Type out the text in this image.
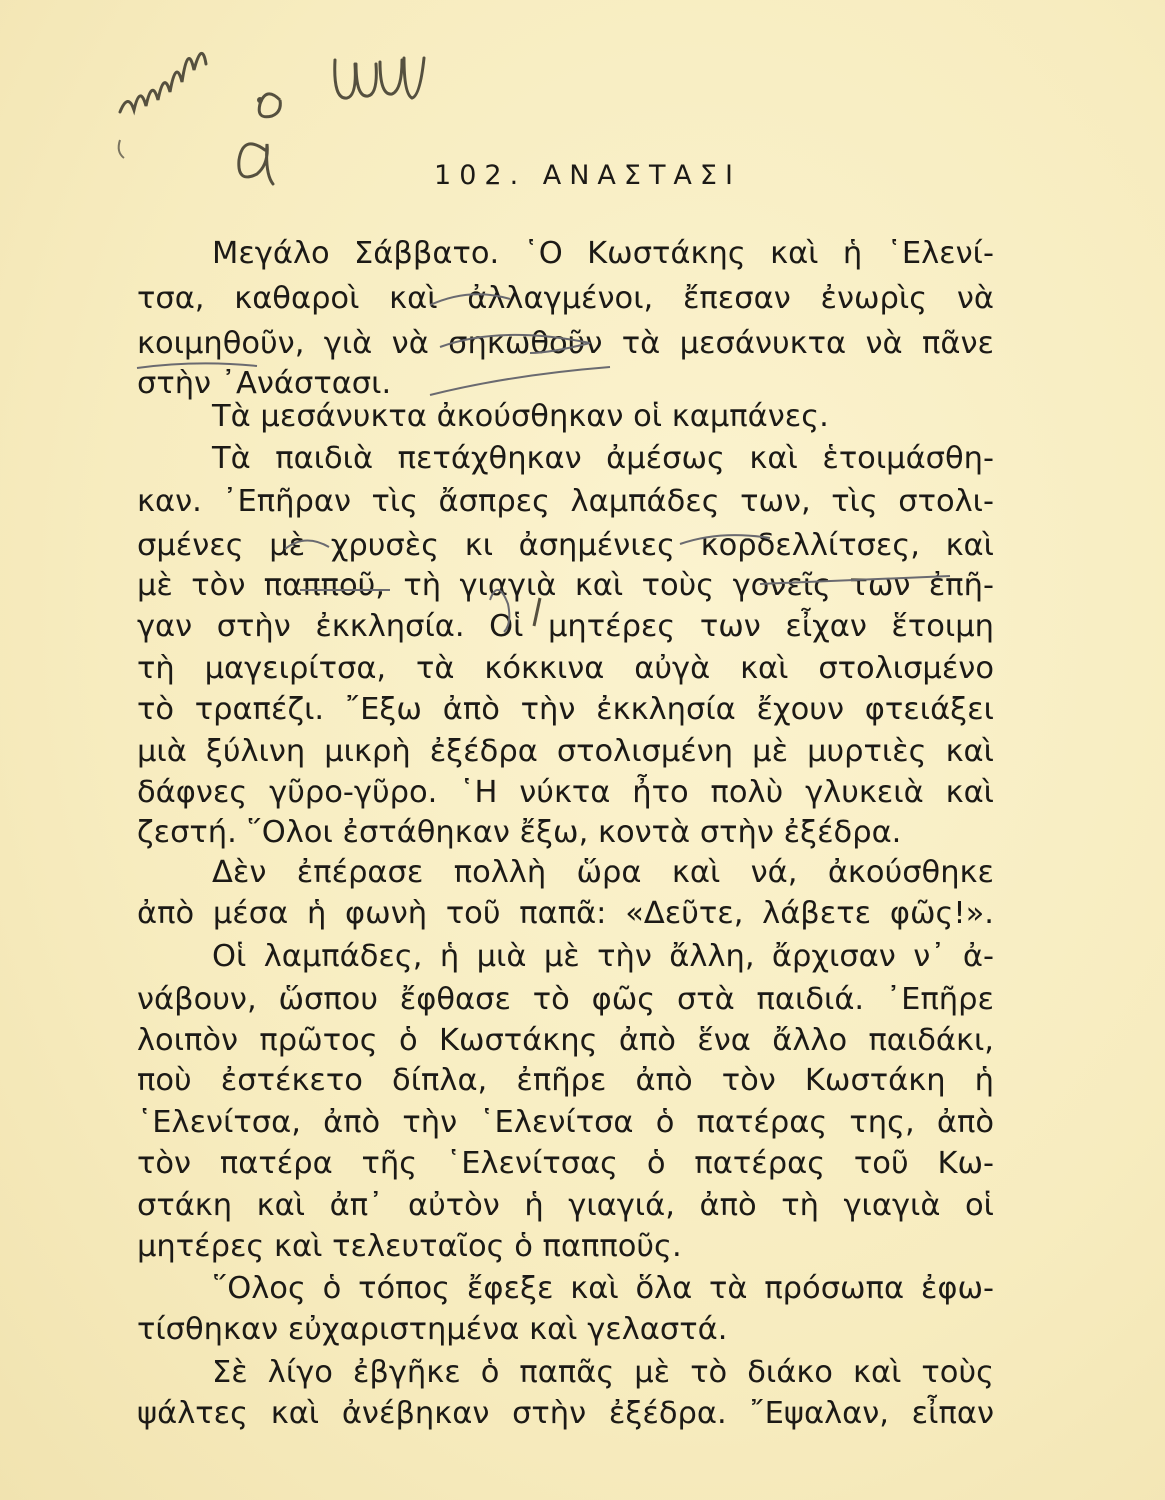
102. ΑΝΑΣΤΑΣΙ
Μεγάλο Σάββατο. ῾Ο Κωστάκης καὶ ἡ ῾Ελενί-
τσα, καθαροὶ καὶ ἀλλαγμένοι, ἔπεσαν ἐνωρὶς νὰ
κοιμηθοῦν, γιὰ νὰ σηκωθοῦν τὰ μεσάνυκτα νὰ πᾶνε
στὴν ᾿Ανάστασι.
Τὰ μεσάνυκτα ἀκούσθηκαν οἱ καμπάνες.
Τὰ παιδιὰ πετάχθηκαν ἀμέσως καὶ ἑτοιμάσθη-
καν. ᾿Επῆραν τὶς ἄσπρες λαμπάδες των, τὶς στολι-
σμένες μὲ χρυσὲς κι ἀσημένιες κορδελλίτσες, καὶ
μὲ τὸν παπποῦ, τὴ γιαγιὰ καὶ τοὺς γονεῖς των ἐπῆ-
γαν στὴν ἐκκλησία. Οἱ μητέρες των εἶχαν ἕτοιμη
τὴ μαγειρίτσα, τὰ κόκκινα αὐγὰ καὶ στολισμένο
τὸ τραπέζι. ῎Εξω ἀπὸ τὴν ἐκκλησία ἔχουν φτειάξει
μιὰ ξύλινη μικρὴ ἐξέδρα στολισμένη μὲ μυρτιὲς καὶ
δάφνες γῦρο-γῦρο. ῾Η νύκτα ἦτο πολὺ γλυκειὰ καὶ
ζεστή. ῞Ολοι ἐστάθηκαν ἔξω, κοντὰ στὴν ἐξέδρα.
Δὲν ἐπέρασε πολλὴ ὥρα καὶ νά, ἀκούσθηκε
ἀπὸ μέσα ἡ φωνὴ τοῦ παπᾶ: «Δεῦτε, λάβετε φῶς!».
Οἱ λαμπάδες, ἡ μιὰ μὲ τὴν ἄλλη, ἄρχισαν ν᾿ ἀ-
νάβουν, ὥσπου ἔφθασε τὸ φῶς στὰ παιδιά. ᾿Επῆρε
λοιπὸν πρῶτος ὁ Κωστάκης ἀπὸ ἕνα ἄλλο παιδάκι,
ποὺ ἐστέκετο δίπλα, ἐπῆρε ἀπὸ τὸν Κωστάκη ἡ
῾Ελενίτσα, ἀπὸ τὴν ῾Ελενίτσα ὁ πατέρας της, ἀπὸ
τὸν πατέρα τῆς ῾Ελενίτσας ὁ πατέρας τοῦ Κω-
στάκη καὶ ἀπ᾿ αὐτὸν ἡ γιαγιά, ἀπὸ τὴ γιαγιὰ οἱ
μητέρες καὶ τελευταῖος ὁ παπποῦς.
῞Ολος ὁ τόπος ἔφεξε καὶ ὅλα τὰ πρόσωπα ἐφω-
τίσθηκαν εὐχαριστημένα καὶ γελαστά.
Σὲ λίγο ἐβγῆκε ὁ παπᾶς μὲ τὸ διάκο καὶ τοὺς
ψάλτες καὶ ἀνέβηκαν στὴν ἐξέδρα. ῎Εψαλαν, εἶπαν
